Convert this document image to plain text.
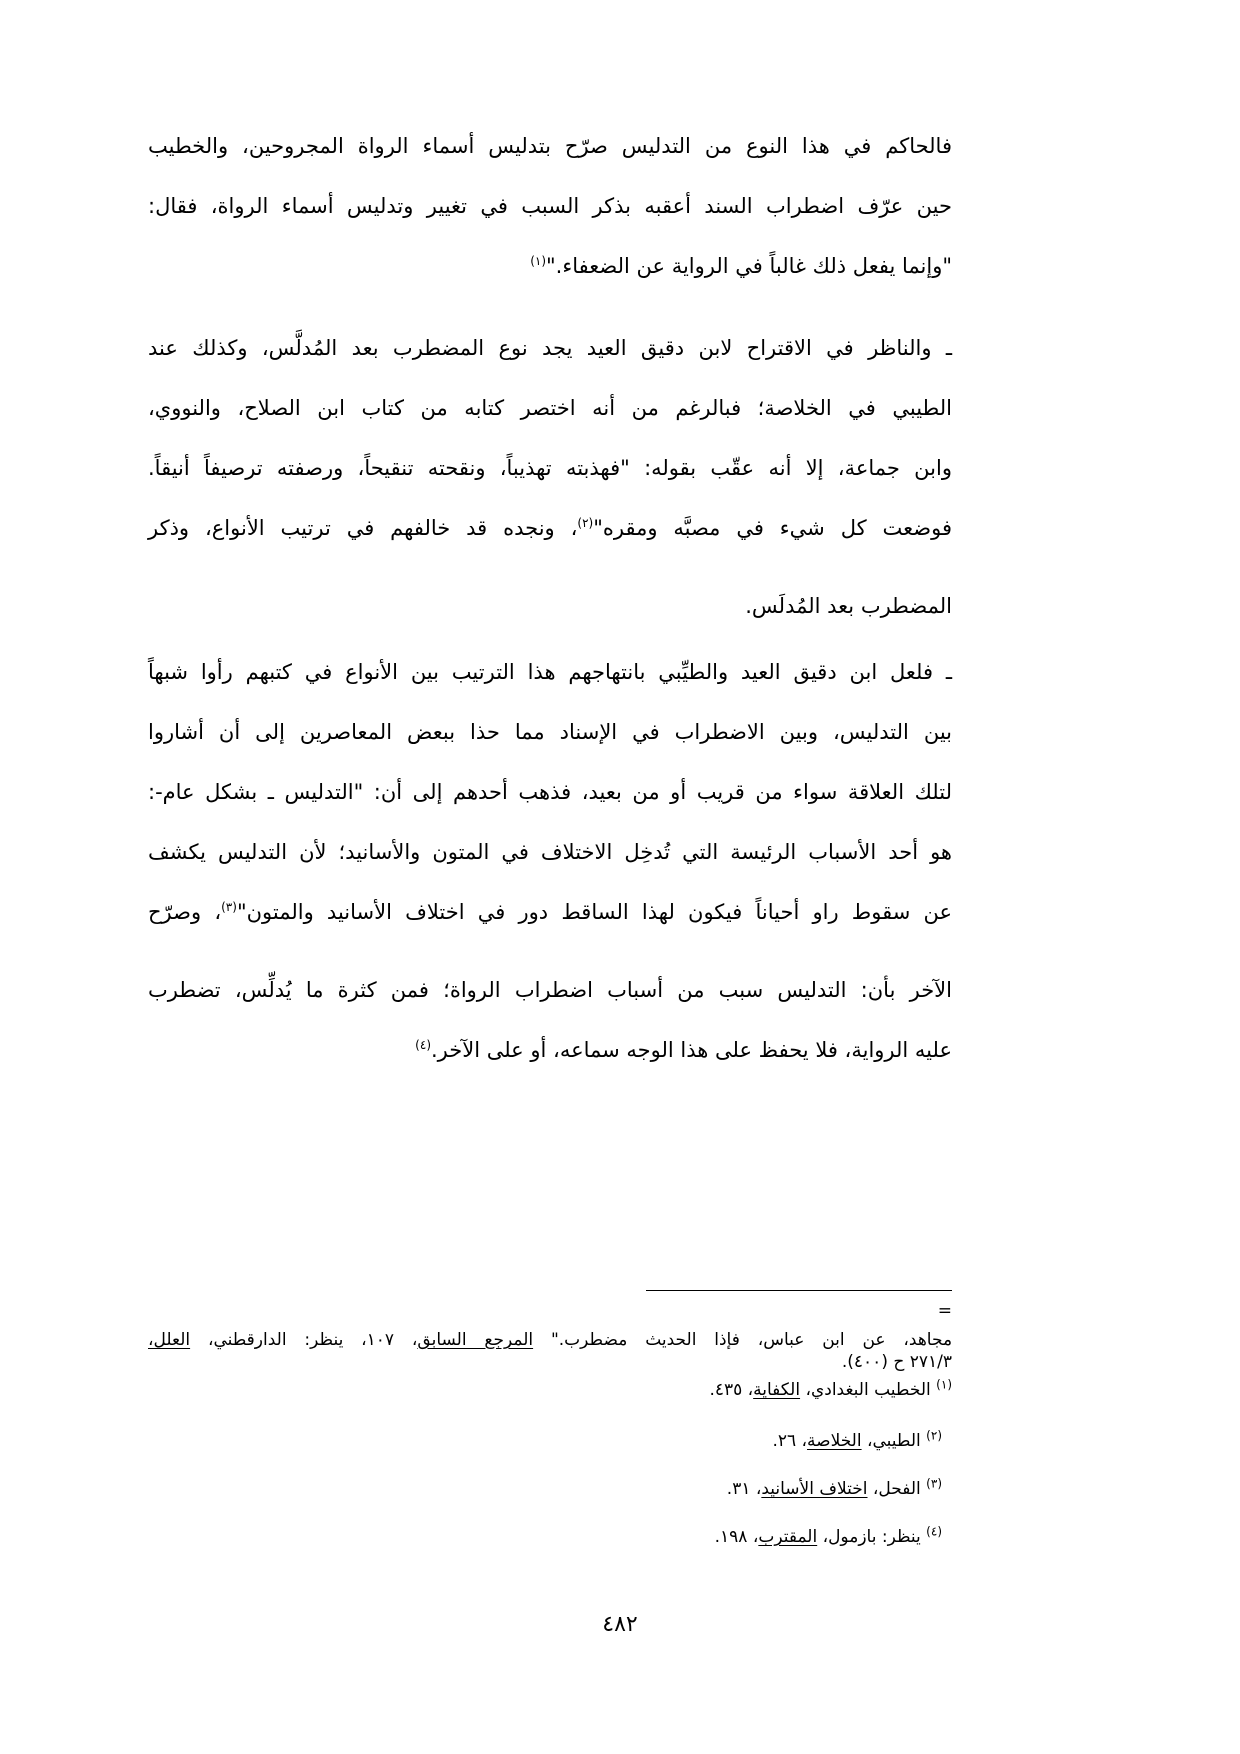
فالحاكم في هذا النوع من التدليس صرّح بتدليس أسماء الرواة المجروحين، والخطيب
حين عرّف اضطراب السند أعقبه بذكر السبب في تغيير وتدليس أسماء الرواة، فقال:
"وإنما يفعل ذلك غالباً في الرواية عن الضعفاء."$^{(١)}$
ـ والناظر في الاقتراح لابن دقيق العيد يجد نوع المضطرب بعد المُدلَّس، وكذلك عند
الطيبي في الخلاصة؛ فبالرغم من أنه اختصر كتابه من كتاب ابن الصلاح، والنووي،
وابن جماعة، إلا أنه عقّب بقوله: "فهذبته تهذيباً، ونقحته تنقيحاً، ورصفته ترصيفاً أنيقاً.
فوضعت كل شيء في مصبَّه ومقره"$^{(٢)}$، ونجده قد خالفهم في ترتيب الأنواع، وذكر
المضطرب بعد المُدلَس.
ـ فلعل ابن دقيق العيد والطيِّبي بانتهاجهم هذا الترتيب بين الأنواع في كتبهم رأوا شبهاً
بين التدليس، وبين الاضطراب في الإسناد مما حذا ببعض المعاصرين إلى أن أشاروا
لتلك العلاقة سواء من قريب أو من بعيد، فذهب أحدهم إلى أن: "التدليس ـ بشكل عام-:
هو أحد الأسباب الرئيسة التي تُدخِل الاختلاف في المتون والأسانيد؛ لأن التدليس يكشف
عن سقوط راو أحياناً فيكون لهذا الساقط دور في اختلاف الأسانيد والمتون"$^{(٣)}$، وصرّح
الآخر بأن: التدليس سبب من أسباب اضطراب الرواة؛ فمن كثرة ما يُدلِّس، تضطرب
عليه الرواية، فلا يحفظ على هذا الوجه سماعه، أو على الآخر.$^{(٤)}$
=
مجاهد، عن ابن عباس، فإذا الحديث مضطرب." المرجع السابق، ١٠٧، ينظر: الدارقطني، العلل،
٢٧١/٣ ح (٤٠٠).
$^{(١)}$ الخطيب البغدادي، الكفاية، ٤٣٥.
$^{(٢)}$ الطيبي، الخلاصة، ٢٦.
$^{(٣)}$ الفحل، اختلاف الأسانيد، ٣١.
$^{(٤)}$ ينظر: بازمول، المقترب، ١٩٨.
٤٨٢
